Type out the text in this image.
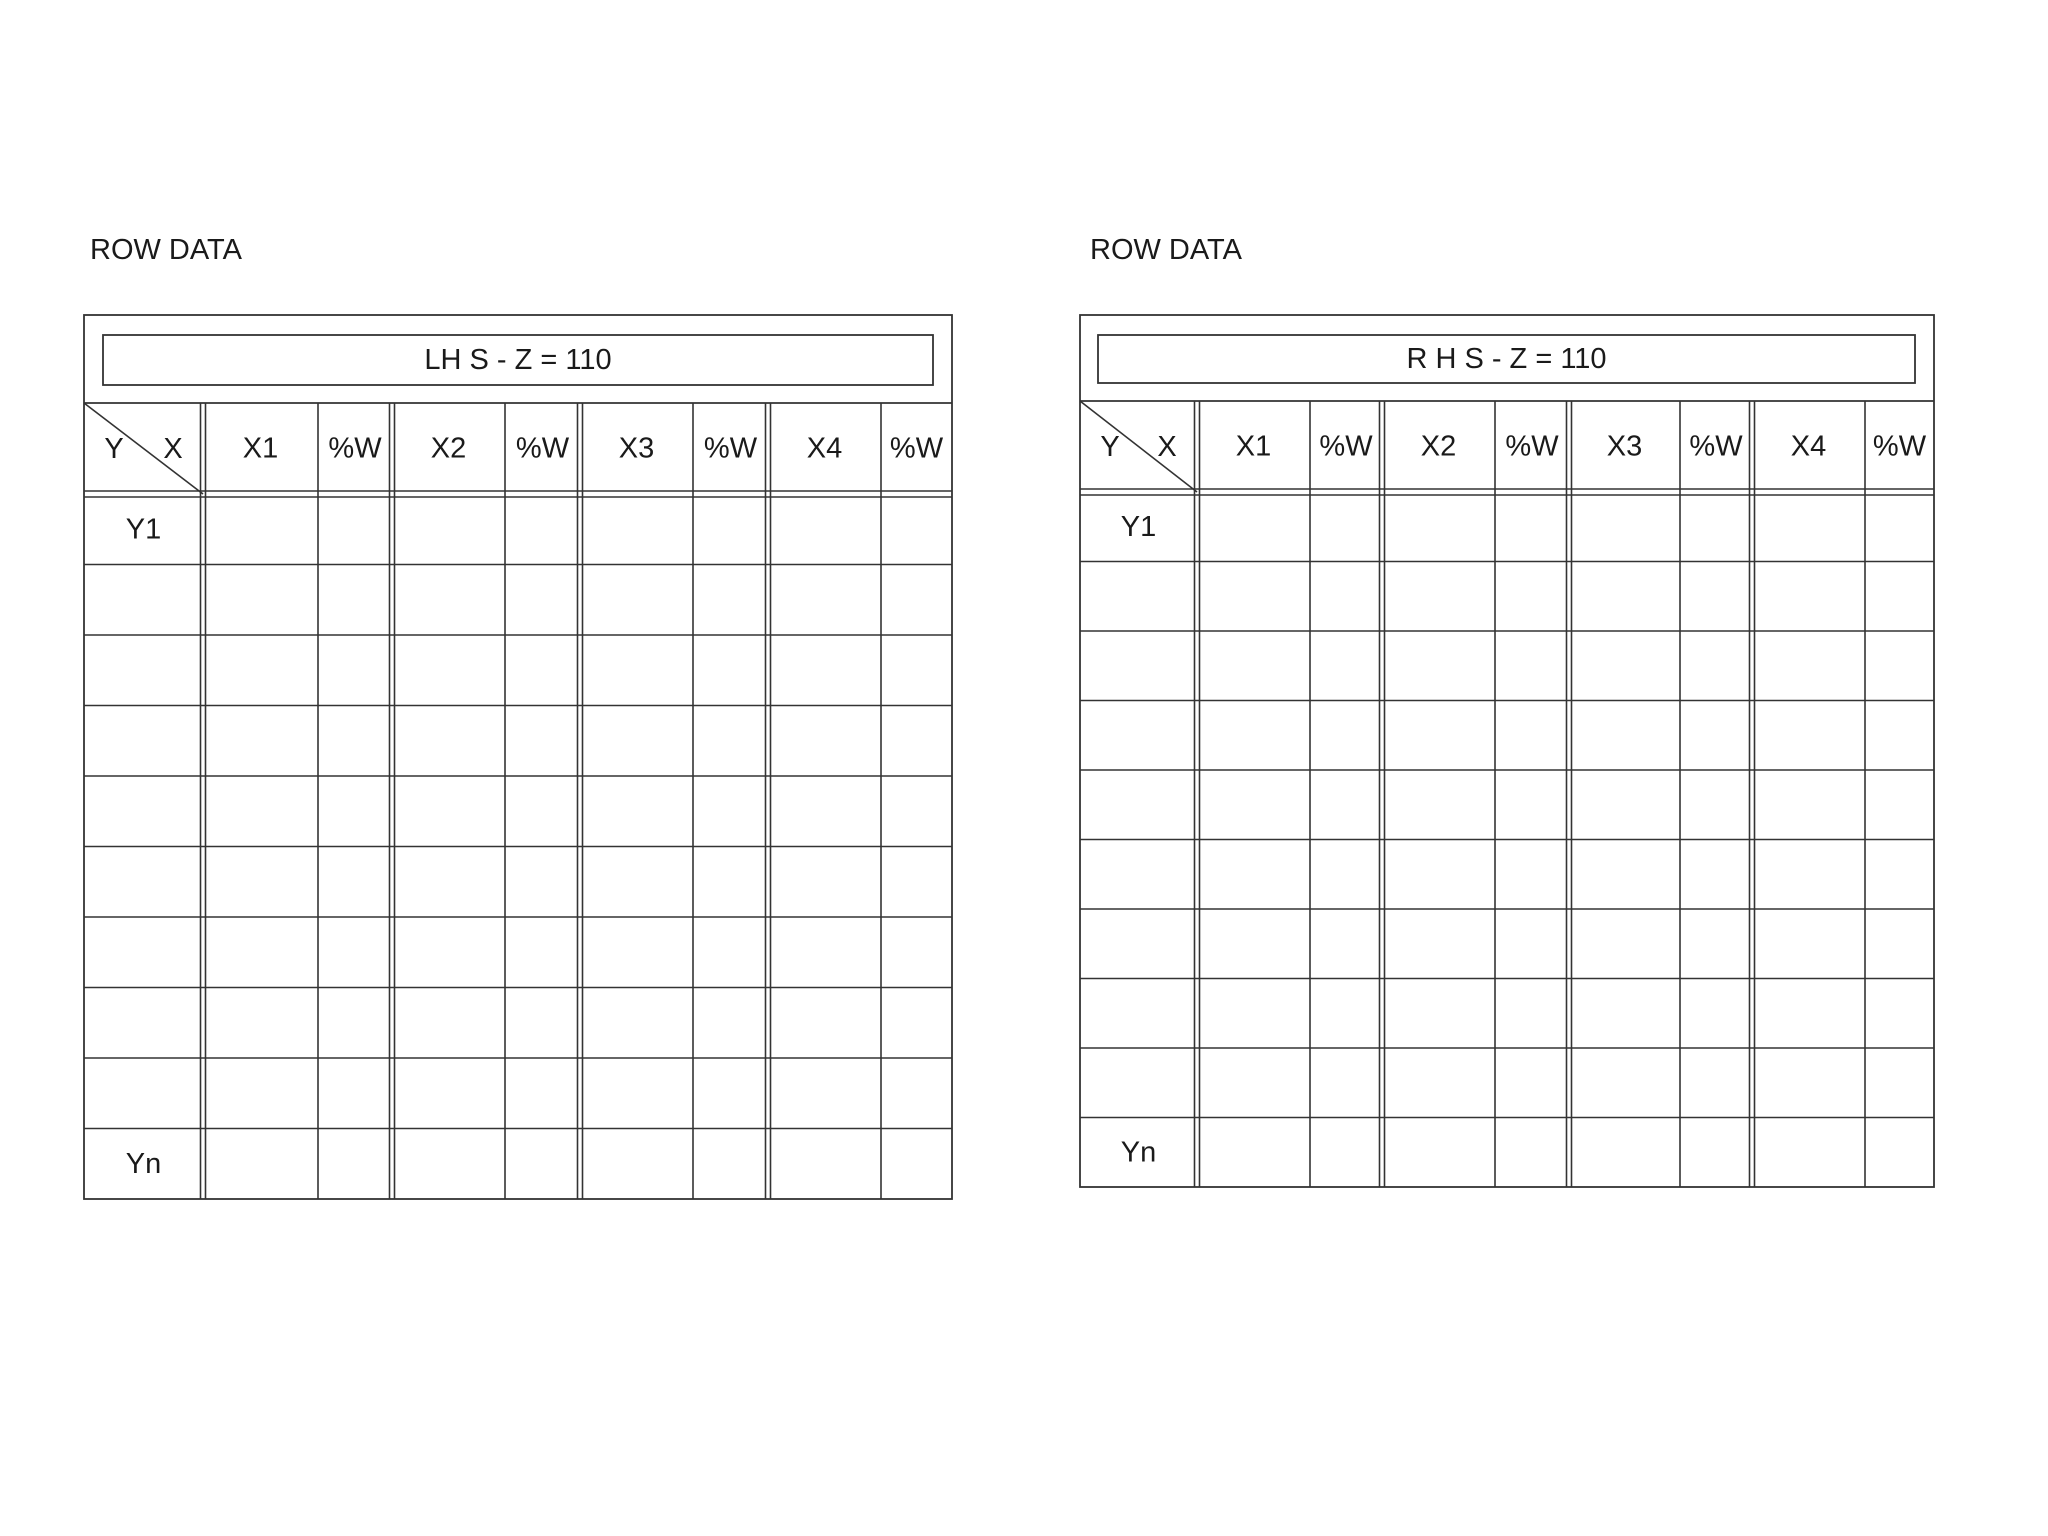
ROW DATA	ROW DATA
LH S - Z = 110
Y X X1 %W X2 %W X3 %W X4 %W
Y1
Yn
R H S - Z = 110
Y X X1 %W X2 %W X3 %W X4 %W
Y1
Yn
